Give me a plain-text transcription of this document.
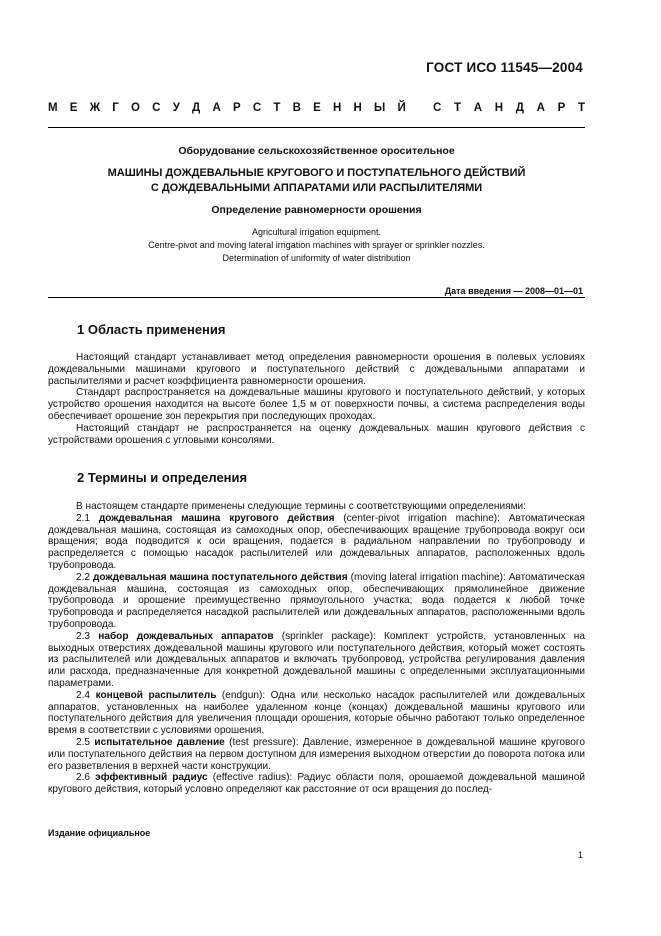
ГОСТ ИСО 11545—2004
М Е Ж Г О С У Д А Р С Т В Е Н Н Ы Й С Т А Н Д А Р Т
Оборудование сельскохозяйственное оросительное
МАШИНЫ ДОЖДЕВАЛЬНЫЕ КРУГОВОГО И ПОСТУПАТЕЛЬНОГО ДЕЙСТВИЙ
С ДОЖДЕВАЛЬНЫМИ АППАРАТАМИ ИЛИ РАСПЫЛИТЕЛЯМИ
Определение равномерности орошения
Agricultural irrigation equipment.
Centre-pivot and moving lateral irrigation machines with sprayer or sprinkler nozzles.
Determination of uniformity of water distribution
Дата введения — 2008—01—01
1 Область применения

Настоящий стандарт устанавливает метод определения равномерности орошения в полевых условиях дождевальными машинами кругового и поступательного действий с дождевальными аппаратами и распылителями и расчет коэффициента равномерности орошения.

Стандарт распространяется на дождевальные машины кругового и поступательного действий, у которых устройство орошения находится на высоте более 1,5 м от поверхности почвы, а система распределения воды обеспечивает орошение зон перекрытия при последующих проходах.

Настоящий стандарт не распространяется на оценку дождевальных машин кругового действия с устройствами орошения с угловыми консолями.

2 Термины и определения

В настоящем стандарте применены следующие термины с соответствующими определениями:

2.1 дождевальная машина кругового действия (center-pivot irrigation machine): Автоматическая дождевальная машина, состоящая из самоходных опор, обеспечивающих вращение трубопровода вокруг оси вращения; вода подводится к оси вращения, подается в радиальном направлении по трубопроводу и распределяется с помощью насадок распылителей или дождевальных аппаратов, расположенных вдоль трубопровода.

2.2 дождевальная машина поступательного действия (moving lateral irrigation machine): Автоматическая дождевальная машина, состоящая из самоходных опор, обеспечивающих прямолинейное движение трубопровода и орошение преимущественно прямоугольного участка; вода подается к любой точке трубопровода и распределяется насадкой распылителей или дождевальных аппаратов, расположенными вдоль трубопровода.

2.3 набор дождевальных аппаратов (sprinkler package): Комплект устройств, установленных на выходных отверстиях дождевальной машины кругового или поступательного действия, который может состоять из распылителей или дождевальных аппаратов и включать трубопровод, устройства регулирования давления или расхода, предназначенные для конкретной дождевальной машины с определенными эксплуатационными параметрами.

2.4 концевой распылитель (endgun): Одна или несколько насадок распылителей или дождевальных аппаратов, установленных на наиболее удаленном конце (концах) дождевальной машины кругового или поступательного действия для увеличения площади орошения, которые обычно работают только определенное время в соответствии с условиями орошения.

2.5 испытательное давление (test pressure): Давление, измеренное в дождевальной машине кругового или поступательного действия на первом доступном для измерения выходном отверстии до поворота потока или его разветвления в верхней части конструкции.

2.6 эффективный радиус (effective radius): Радиус области поля, орошаемой дождевальной машиной кругового действия, который условно определяют как расстояние от оси вращения до послед-

Издание официальное
1
